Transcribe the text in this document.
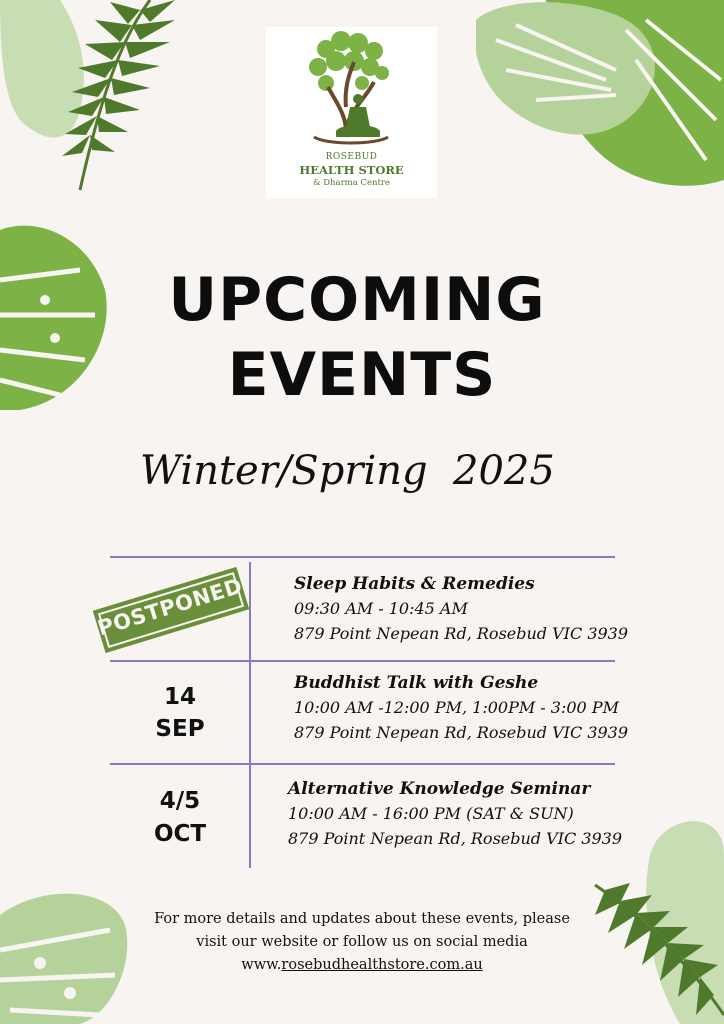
ROSEBUD
HEALTH STORE
& Dharma Centre
UPCOMING
EVENTS
Winter/Spring  2025
POSTPONED	Sleep Habits & Remedies
09:30 AM - 10:45 AM
879 Point Nepean Rd, Rosebud VIC 3939
14
SEP
Buddhist Talk with Geshe
10:00 AM -12:00 PM, 1:00PM - 3:00 PM
879 Point Nepean Rd, Rosebud VIC 3939
4/5
OCT
Alternative Knowledge Seminar
10:00 AM - 16:00 PM (SAT & SUN)
879 Point Nepean Rd, Rosebud VIC 3939
For more details and updates about these events, please
visit our website or follow us on social media
www.rosebudhealthstore.com.au
